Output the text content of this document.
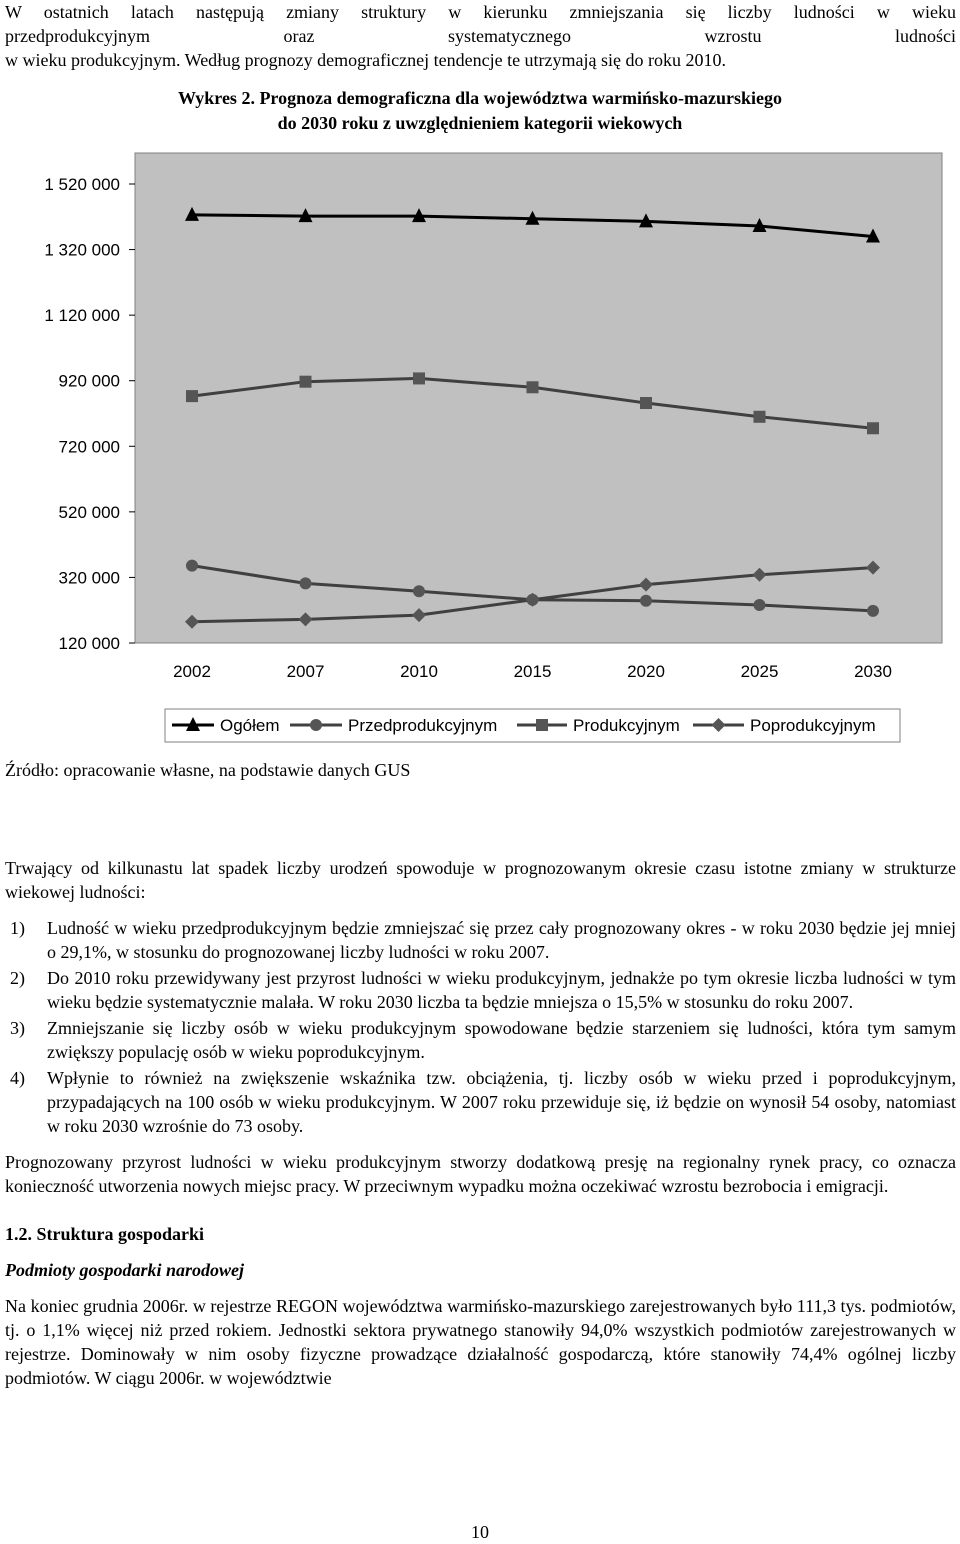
W ostatnich latach następują zmiany struktury w kierunku zmniejszania się liczby ludności w wieku

przedprodukcyjnym oraz systematycznego wzrostu ludności

w wieku produkcyjnym. Według prognozy demograficznej tendencje te utrzymają się do roku 2010.

Wykres 2. Prognoza demograficzna dla województwa warmińsko-mazurskiego
do 2030 roku z uwzględnieniem kategorii wiekowych
1 520 000
1 320 000
1 120 000
920 000
720 000
520 000
320 000
120 000
2002	2007	2010	2015	2020	2025	2030
Ogółem	Przedprodukcyjnym	Produkcyjnym	Poprodukcyjnym
Źródło: opracowanie własne, na podstawie danych GUS

Trwający od kilkunastu lat spadek liczby urodzeń spowoduje w prognozowanym okresie czasu istotne zmiany w strukturze wiekowej ludności:

1) Ludność w wieku przedprodukcyjnym będzie zmniejszać się przez cały prognozowany okres - w roku 2030 będzie jej mniej o 29,1%, w stosunku do prognozowanej liczby ludności w roku 2007.
2) Do 2010 roku przewidywany jest przyrost ludności w wieku produkcyjnym, jednakże po tym okresie liczba ludności w tym wieku będzie systematycznie malała. W roku 2030 liczba ta będzie mniejsza o 15,5% w stosunku do roku 2007.
3) Zmniejszanie się liczby osób w wieku produkcyjnym spowodowane będzie starzeniem się ludności, która tym samym zwiększy populację osób w wieku poprodukcyjnym.
4) Wpłynie to również na zwiększenie wskaźnika tzw. obciążenia, tj. liczby osób w wieku przed i poprodukcyjnym, przypadających na 100 osób w wieku produkcyjnym. W 2007 roku przewiduje się, iż będzie on wynosił 54 osoby, natomiast w roku 2030 wzrośnie do 73 osoby.

Prognozowany przyrost ludności w wieku produkcyjnym stworzy dodatkową presję na regionalny rynek pracy, co oznacza konieczność utworzenia nowych miejsc pracy. W przeciwnym wypadku można oczekiwać wzrostu bezrobocia i emigracji.

1.2. Struktura gospodarki
Podmioty gospodarki narodowej

Na koniec grudnia 2006r. w rejestrze REGON województwa warmińsko-mazurskiego zarejestrowanych było 111,3 tys. podmiotów, tj. o 1,1% więcej niż przed rokiem. Jednostki sektora prywatnego stanowiły 94,0% wszystkich podmiotów zarejestrowanych w rejestrze. Dominowały w nim osoby fizyczne prowadzące działalność gospodarczą, które stanowiły 74,4% ogólnej liczby podmiotów. W ciągu 2006r. w województwie

10
